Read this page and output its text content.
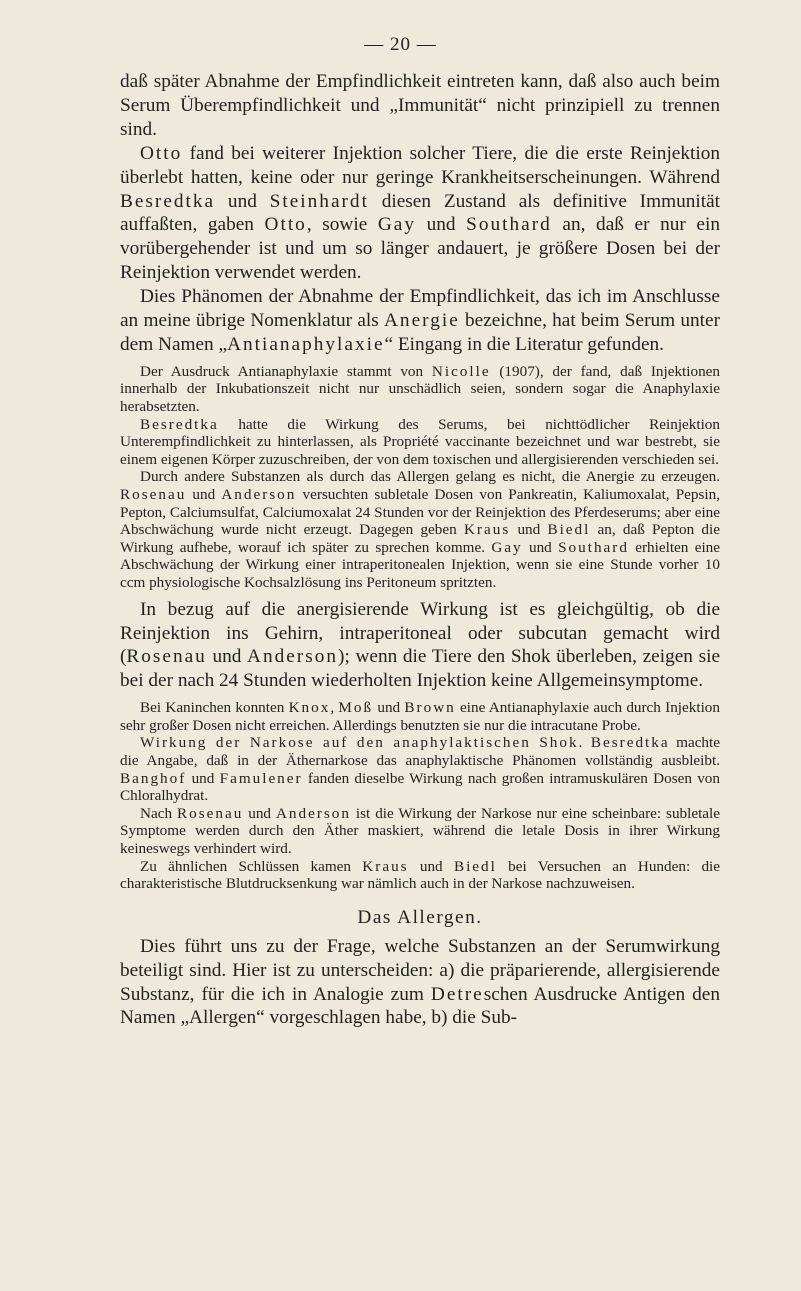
— 20 —

daß später Abnahme der Empfindlichkeit eintreten kann, daß also auch beim Serum Überempfindlichkeit und „Immunität“ nicht prinzipiell zu trennen sind.

Otto fand bei weiterer Injektion solcher Tiere, die die erste Reinjektion überlebt hatten, keine oder nur geringe Krankheitserscheinungen. Während Besredtka und Steinhardt diesen Zustand als definitive Immunität auffaßten, gaben Otto, sowie Gay und Southard an, daß er nur ein vorübergehender ist und um so länger andauert, je größere Dosen bei der Reinjektion verwendet werden.

Dies Phänomen der Abnahme der Empfindlichkeit, das ich im Anschlusse an meine übrige Nomenklatur als Anergie bezeichne, hat beim Serum unter dem Namen „Antianaphylaxie“ Eingang in die Literatur gefunden.

Der Ausdruck Antianaphylaxie stammt von Nicolle (1907), der fand, daß Injektionen innerhalb der Inkubationszeit nicht nur unschädlich seien, sondern sogar die Anaphylaxie herabsetzten.

Besredtka hatte die Wirkung des Serums, bei nichttödlicher Reinjektion Unterempfindlichkeit zu hinterlassen, als Propriété vaccinante bezeichnet und war bestrebt, sie einem eigenen Körper zuzuschreiben, der von dem toxischen und allergisierenden verschieden sei.

Durch andere Substanzen als durch das Allergen gelang es nicht, die Anergie zu erzeugen. Rosenau und Anderson versuchten subletale Dosen von Pankreatin, Kaliumoxalat, Pepsin, Pepton, Calciumsulfat, Calciumoxalat 24 Stunden vor der Reinjektion des Pferdeserums; aber eine Abschwächung wurde nicht erzeugt. Dagegen geben Kraus und Biedl an, daß Pepton die Wirkung aufhebe, worauf ich später zu sprechen komme. Gay und Southard erhielten eine Abschwächung der Wirkung einer intraperitonealen Injektion, wenn sie eine Stunde vorher 10 ccm physiologische Kochsalzlösung ins Peritoneum spritzten.

In bezug auf die anergisierende Wirkung ist es gleichgültig, ob die Reinjektion ins Gehirn, intraperitoneal oder subcutan gemacht wird (Rosenau und Anderson); wenn die Tiere den Shok überleben, zeigen sie bei der nach 24 Stunden wiederholten Injektion keine Allgemeinsymptome.

Bei Kaninchen konnten Knox, Moß und Brown eine Antianaphylaxie auch durch Injektion sehr großer Dosen nicht erreichen. Allerdings benutzten sie nur die intracutane Probe.

Wirkung der Narkose auf den anaphylaktischen Shok. Besredtka machte die Angabe, daß in der Äthernarkose das anaphylaktische Phänomen vollständig ausbleibt. Banghof und Famulener fanden dieselbe Wirkung nach großen intramuskulären Dosen von Chloralhydrat.

Nach Rosenau und Anderson ist die Wirkung der Narkose nur eine scheinbare: subletale Symptome werden durch den Äther maskiert, während die letale Dosis in ihrer Wirkung keineswegs verhindert wird.

Zu ähnlichen Schlüssen kamen Kraus und Biedl bei Versuchen an Hunden: die charakteristische Blutdrucksenkung war nämlich auch in der Narkose nachzuweisen.

Das Allergen.

Dies führt uns zu der Frage, welche Substanzen an der Serumwirkung beteiligt sind. Hier ist zu unterscheiden: a) die präparierende, allergisierende Substanz, für die ich in Analogie zum Detreschen Ausdrucke Antigen den Namen „Allergen“ vorgeschlagen habe, b) die Sub-
